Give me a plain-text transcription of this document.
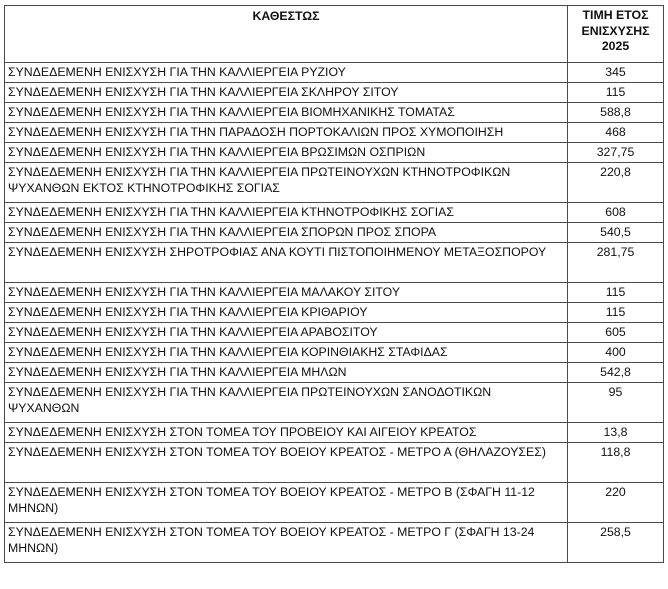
ΚΑΘΕΣΤΩΣ	ΤΙΜΗ ΕΤΟΣ ΕΝΙΣΧΥΣΗΣ 2025
ΣΥΝΔΕΔΕΜΕΝΗ ΕΝΙΣΧΥΣΗ ΓΙΑ ΤΗΝ ΚΑΛΛΙΕΡΓΕΙΑ ΡΥΖΙΟΥ	345
ΣΥΝΔΕΔΕΜΕΝΗ ΕΝΙΣΧΥΣΗ ΓΙΑ ΤΗΝ ΚΑΛΛΙΕΡΓΕΙΑ ΣΚΛΗΡΟΥ ΣΙΤΟΥ	115
ΣΥΝΔΕΔΕΜΕΝΗ ΕΝΙΣΧΥΣΗ ΓΙΑ ΤΗΝ ΚΑΛΛΙΕΡΓΕΙΑ ΒΙΟΜΗΧΑΝΙΚΗΣ ΤΟΜΑΤΑΣ	588,8
ΣΥΝΔΕΔΕΜΕΝΗ ΕΝΙΣΧΥΣΗ ΓΙΑ ΤΗΝ ΠΑΡΑΔΟΣΗ ΠΟΡΤΟΚΑΛΙΩΝ ΠΡΟΣ ΧΥΜΟΠΟΙΗΣΗ	468
ΣΥΝΔΕΔΕΜΕΝΗ ΕΝΙΣΧΥΣΗ ΓΙΑ ΤΗΝ ΚΑΛΛΙΕΡΓΕΙΑ ΒΡΩΣΙΜΩΝ ΟΣΠΡΙΩΝ	327,75
ΣΥΝΔΕΔΕΜΕΝΗ ΕΝΙΣΧΥΣΗ ΓΙΑ ΤΗΝ ΚΑΛΛΙΕΡΓΕΙΑ ΠΡΩΤΕΙΝΟΥΧΩΝ ΚΤΗΝΟΤΡΟΦΙΚΩΝ ΨΥΧΑΝΘΩΝ ΕΚΤΟΣ ΚΤΗΝΟΤΡΟΦΙΚΗΣ ΣΟΓΙΑΣ	220,8
ΣΥΝΔΕΔΕΜΕΝΗ ΕΝΙΣΧΥΣΗ ΓΙΑ ΤΗΝ ΚΑΛΛΙΕΡΓΕΙΑ ΚΤΗΝΟΤΡΟΦΙΚΗΣ ΣΟΓΙΑΣ	608
ΣΥΝΔΕΔΕΜΕΝΗ ΕΝΙΣΧΥΣΗ ΓΙΑ ΤΗΝ ΚΑΛΛΙΕΡΓΕΙΑ ΣΠΟΡΩΝ ΠΡΟΣ ΣΠΟΡΑ	540,5
ΣΥΝΔΕΔΕΜΕΝΗ ΕΝΙΣΧΥΣΗ ΣΗΡΟΤΡΟΦΙΑΣ ΑΝΑ ΚΟΥΤΙ ΠΙΣΤΟΠΟΙΗΜΕΝΟΥ ΜΕΤΑΞΟΣΠΟΡΟΥ	281,75
ΣΥΝΔΕΔΕΜΕΝΗ ΕΝΙΣΧΥΣΗ ΓΙΑ ΤΗΝ ΚΑΛΛΙΕΡΓΕΙΑ ΜΑΛΑΚΟΥ ΣΙΤΟΥ	115
ΣΥΝΔΕΔΕΜΕΝΗ ΕΝΙΣΧΥΣΗ ΓΙΑ ΤΗΝ ΚΑΛΛΙΕΡΓΕΙΑ ΚΡΙΘΑΡΙΟΥ	115
ΣΥΝΔΕΔΕΜΕΝΗ ΕΝΙΣΧΥΣΗ ΓΙΑ ΤΗΝ ΚΑΛΛΙΕΡΓΕΙΑ ΑΡΑΒΟΣΙΤΟΥ	605
ΣΥΝΔΕΔΕΜΕΝΗ ΕΝΙΣΧΥΣΗ ΓΙΑ ΤΗΝ ΚΑΛΛΙΕΡΓΕΙΑ ΚΟΡΙΝΘΙΑΚΗΣ ΣΤΑΦΙΔΑΣ	400
ΣΥΝΔΕΔΕΜΕΝΗ ΕΝΙΣΧΥΣΗ ΓΙΑ ΤΗΝ ΚΑΛΛΙΕΡΓΕΙΑ ΜΗΛΩΝ	542,8
ΣΥΝΔΕΔΕΜΕΝΗ ΕΝΙΣΧΥΣΗ ΓΙΑ ΤΗΝ ΚΑΛΛΙΕΡΓΕΙΑ ΠΡΩΤΕΙΝΟΥΧΩΝ ΣΑΝΟΔΟΤΙΚΩΝ ΨΥΧΑΝΘΩΝ	95
ΣΥΝΔΕΔΕΜΕΝΗ ΕΝΙΣΧΥΣΗ ΣΤΟΝ ΤΟΜΕΑ ΤΟΥ ΠΡΟΒΕΙΟΥ ΚΑΙ ΑΙΓΕΙΟΥ ΚΡΕΑΤΟΣ	13,8
ΣΥΝΔΕΔΕΜΕΝΗ ΕΝΙΣΧΥΣΗ ΣΤΟΝ ΤΟΜΕΑ ΤΟΥ ΒΟΕΙΟΥ ΚΡΕΑΤΟΣ - ΜΕΤΡΟ Α (ΘΗΛΑΖΟΥΣΕΣ)	118,8
ΣΥΝΔΕΔΕΜΕΝΗ ΕΝΙΣΧΥΣΗ ΣΤΟΝ ΤΟΜΕΑ ΤΟΥ ΒΟΕΙΟΥ ΚΡΕΑΤΟΣ - ΜΕΤΡΟ Β (ΣΦΑΓΗ 11-12 ΜΗΝΩΝ)	220
ΣΥΝΔΕΔΕΜΕΝΗ ΕΝΙΣΧΥΣΗ ΣΤΟΝ ΤΟΜΕΑ ΤΟΥ ΒΟΕΙΟΥ ΚΡΕΑΤΟΣ - ΜΕΤΡΟ Γ (ΣΦΑΓΗ 13-24 ΜΗΝΩΝ)	258,5
